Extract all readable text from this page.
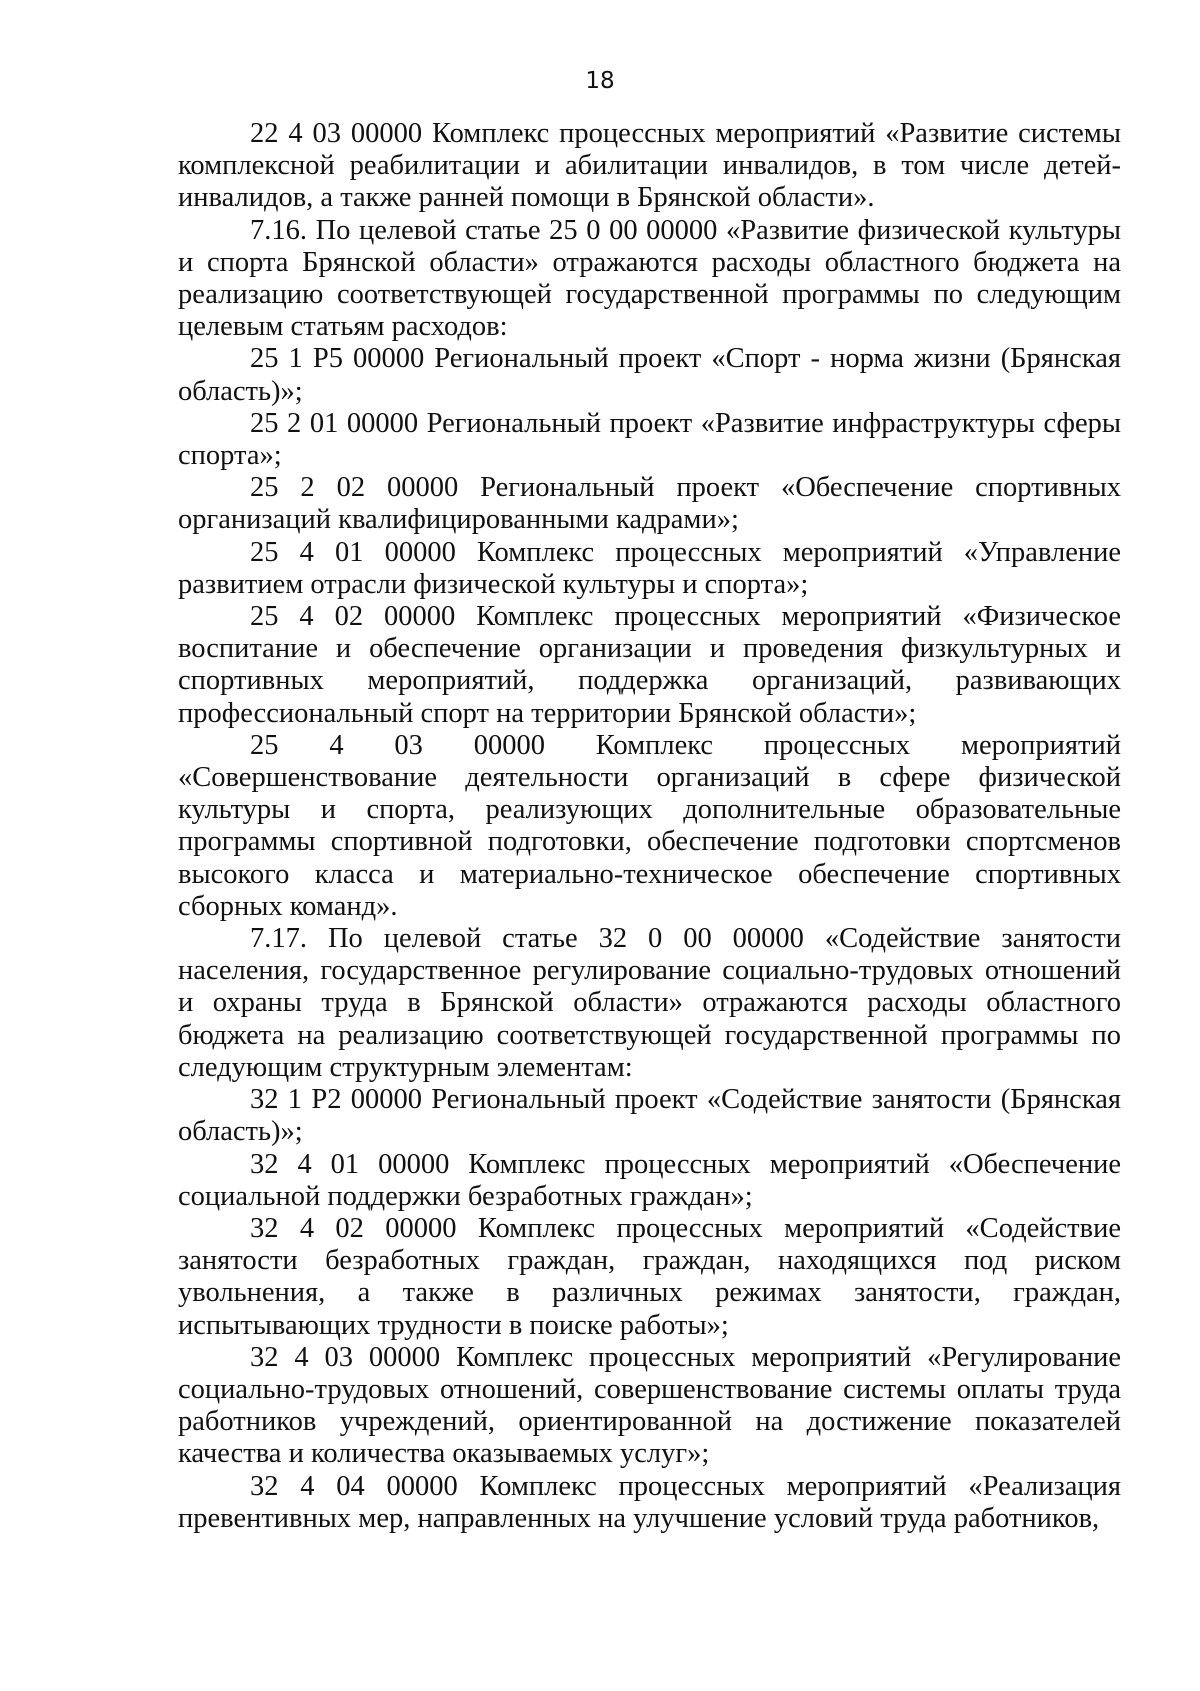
18

22 4 03 00000 Комплекс процессных мероприятий «Развитие системы комплексной реабилитации и абилитации инвалидов, в том числе детей-инвалидов, а также ранней помощи в Брянской области».

7.16. По целевой статье 25 0 00 00000 «Развитие физической культуры и спорта Брянской области» отражаются расходы областного бюджета на реализацию соответствующей государственной программы по следующим целевым статьям расходов:

25 1 Р5 00000 Региональный проект «Спорт - норма жизни (Брянская область)»;

25 2 01 00000 Региональный проект «Развитие инфраструктуры сферы спорта»;

25 2 02 00000 Региональный проект «Обеспечение спортивных организаций квалифицированными кадрами»;

25 4 01 00000 Комплекс процессных мероприятий «Управление развитием отрасли физической культуры и спорта»;

25 4 02 00000 Комплекс процессных мероприятий «Физическое воспитание и обеспечение организации и проведения физкультурных и спортивных мероприятий, поддержка организаций, развивающих профессиональный спорт на территории Брянской области»;

25 4 03 00000 Комплекс процессных мероприятий «Совершенствование деятельности организаций в сфере физической культуры и спорта, реализующих дополнительные образовательные программы спортивной подготовки, обеспечение подготовки спортсменов высокого класса и материально-техническое обеспечение спортивных сборных команд».

7.17. По целевой статье 32 0 00 00000 «Содействие занятости населения, государственное регулирование социально-трудовых отношений и охраны труда в Брянской области» отражаются расходы областного бюджета на реализацию соответствующей государственной программы по следующим структурным элементам:

32 1 Р2 00000 Региональный проект «Содействие занятости (Брянская область)»;

32 4 01 00000 Комплекс процессных мероприятий «Обеспечение социальной поддержки безработных граждан»;

32 4 02 00000 Комплекс процессных мероприятий «Содействие занятости безработных граждан, граждан, находящихся под риском увольнения, а также в различных режимах занятости, граждан, испытывающих трудности в поиске работы»;

32 4 03 00000 Комплекс процессных мероприятий «Регулирование социально-трудовых отношений, совершенствование системы оплаты труда работников учреждений, ориентированной на достижение показателей качества и количества оказываемых услуг»;

32 4 04 00000 Комплекс процессных мероприятий «Реализация превентивных мер, направленных на улучшение условий труда работников,
